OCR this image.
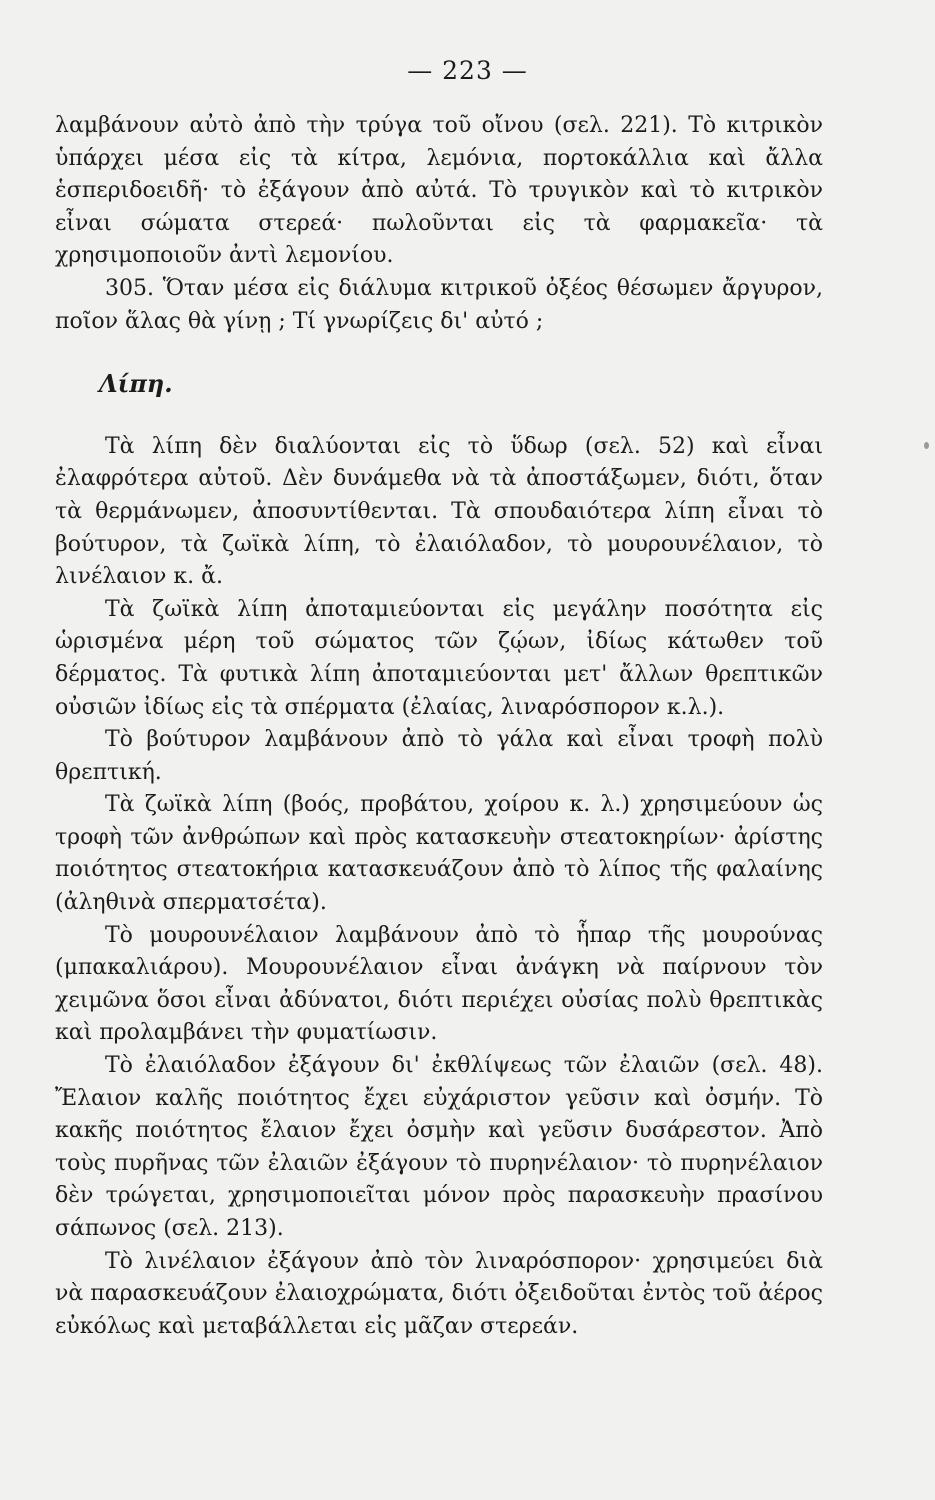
— 223 —

λαμβάνουν αὐτὸ ἀπὸ τὴν τρύγα τοῦ οἴνου (σελ. 221). Τὸ κιτρικὸν ὑπάρχει μέσα εἰς τὰ κίτρα, λεμόνια, πορτοκάλλια καὶ ἄλλα ἑσπεριδοειδῆ· τὸ ἐξάγουν ἀπὸ αὐτά. Τὸ τρυγικὸν καὶ τὸ κιτρικὸν εἶναι σώματα στερεά· πωλοῦνται εἰς τὰ φαρμακεῖα· τὰ χρησιμοποιοῦν ἀντὶ λεμονίου.

305. Ὅταν μέσα εἰς διάλυμα κιτρικοῦ ὀξέος θέσωμεν ἄργυρον, ποῖον ἅλας θὰ γίνῃ ; Τί γνωρίζεις δι' αὐτό ;

Λίπη.

Τὰ λίπη δὲν διαλύονται εἰς τὸ ὕδωρ (σελ. 52) καὶ εἶναι ἐλαφρότερα αὐτοῦ. Δὲν δυνάμεθα νὰ τὰ ἀποστάξωμεν, διότι, ὅταν τὰ θερμάνωμεν, ἀποσυντίθενται. Τὰ σπουδαιότερα λίπη εἶναι τὸ βούτυρον, τὰ ζωϊκὰ λίπη, τὸ ἐλαιόλαδον, τὸ μουρουνέλαιον, τὸ λινέλαιον κ. ἄ.

Τὰ ζωϊκὰ λίπη ἀποταμιεύονται εἰς μεγάλην ποσότητα εἰς ὡρισμένα μέρη τοῦ σώματος τῶν ζῴων, ἰδίως κάτωθεν τοῦ δέρματος. Τὰ φυτικὰ λίπη ἀποταμιεύονται μετ' ἄλλων θρεπτικῶν οὐσιῶν ἰδίως εἰς τὰ σπέρματα (ἐλαίας, λιναρόσπορον κ.λ.).

Τὸ βούτυρον λαμβάνουν ἀπὸ τὸ γάλα καὶ εἶναι τροφὴ πολὺ θρεπτική.

Τὰ ζωϊκὰ λίπη (βοός, προβάτου, χοίρου κ. λ.) χρησιμεύουν ὡς τροφὴ τῶν ἀνθρώπων καὶ πρὸς κατασκευὴν στεατοκηρίων· ἀρίστης ποιότητος στεατοκήρια κατασκευάζουν ἀπὸ τὸ λίπος τῆς φαλαίνης (ἀληθινὰ σπερματσέτα).

Τὸ μουρουνέλαιον λαμβάνουν ἀπὸ τὸ ἧπαρ τῆς μουρούνας (μπακαλιάρου). Μουρουνέλαιον εἶναι ἀνάγκη νὰ παίρνουν τὸν χειμῶνα ὅσοι εἶναι ἀδύνατοι, διότι περιέχει οὐσίας πολὺ θρεπτικὰς καὶ προλαμβάνει τὴν φυματίωσιν.

Τὸ ἐλαιόλαδον ἐξάγουν δι' ἐκθλίψεως τῶν ἐλαιῶν (σελ. 48). Ἔλαιον καλῆς ποιότητος ἔχει εὐχάριστον γεῦσιν καὶ ὀσμήν. Τὸ κακῆς ποιότητος ἔλαιον ἔχει ὀσμὴν καὶ γεῦσιν δυσάρεστον. Ἀπὸ τοὺς πυρῆνας τῶν ἐλαιῶν ἐξάγουν τὸ πυρηνέλαιον· τὸ πυρηνέλαιον δὲν τρώγεται, χρησιμοποιεῖται μόνον πρὸς παρασκευὴν πρασίνου σάπωνος (σελ. 213).

Τὸ λινέλαιον ἐξάγουν ἀπὸ τὸν λιναρόσπορον· χρησιμεύει διὰ νὰ παρασκευάζουν ἐλαιοχρώματα, διότι ὀξειδοῦται ἐντὸς τοῦ ἀέρος εὐκόλως καὶ μεταβάλλεται εἰς μᾶζαν στερεάν.
